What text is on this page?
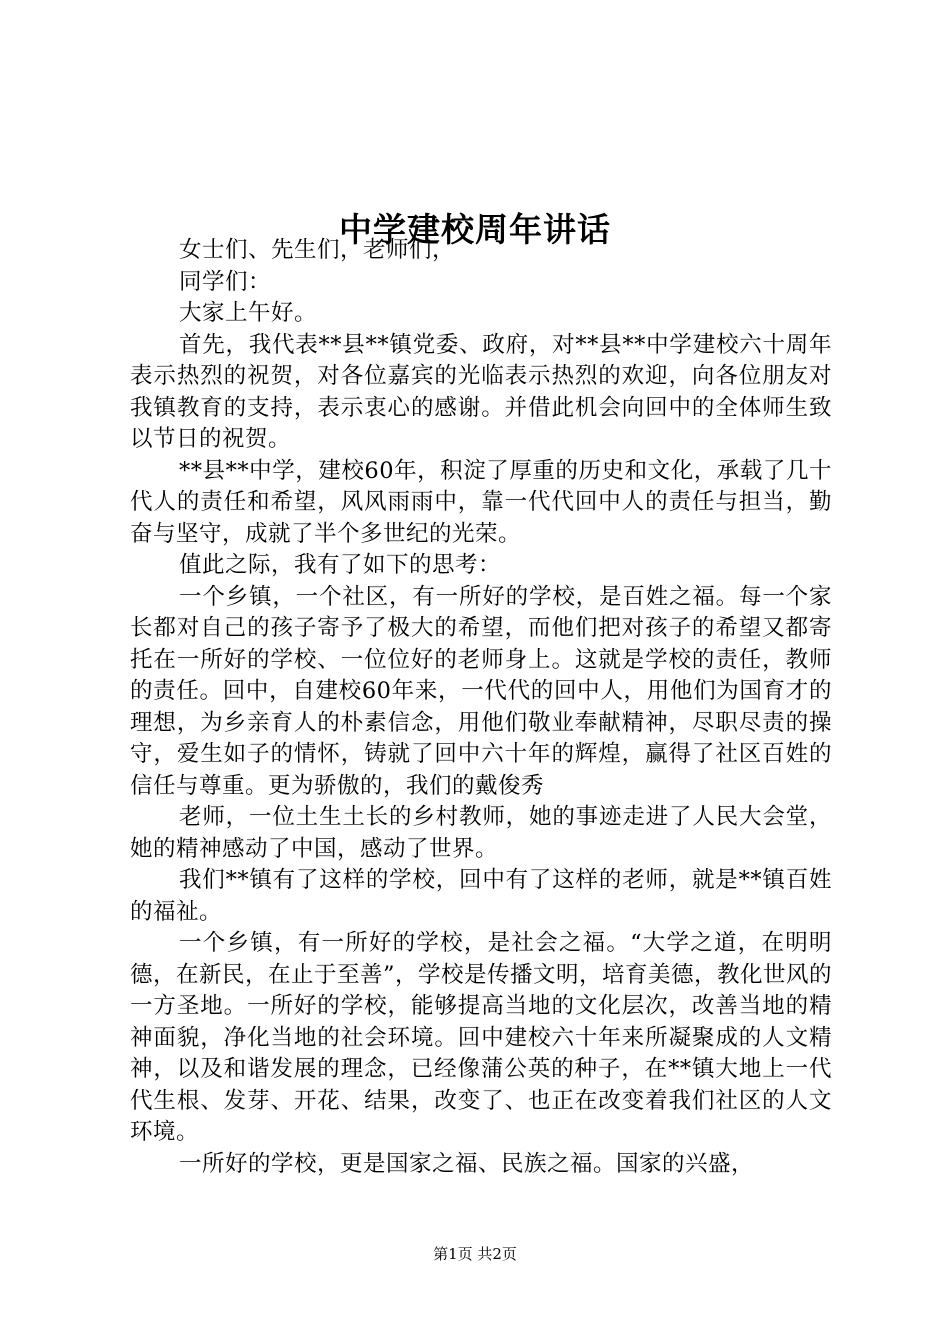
中学建校周年讲话

女士们、先生们，老师们，

同学们：

大家上午好。

首先，我代表**县**镇党委、政府，对**县**中学建校六十周年表示热烈的祝贺，对各位嘉宾的光临表示热烈的欢迎，向各位朋友对我镇教育的支持，表示衷心的感谢。并借此机会向回中的全体师生致以节日的祝贺。

**县**中学，建校60年，积淀了厚重的历史和文化，承载了几十代人的责任和希望，风风雨雨中，靠一代代回中人的责任与担当，勤奋与坚守，成就了半个多世纪的光荣。

值此之际，我有了如下的思考：

一个乡镇，一个社区，有一所好的学校，是百姓之福。每一个家长都对自己的孩子寄予了极大的希望，而他们把对孩子的希望又都寄托在一所好的学校、一位位好的老师身上。这就是学校的责任，教师的责任。回中，自建校60年来，一代代的回中人，用他们为国育才的理想，为乡亲育人的朴素信念，用他们敬业奉献精神，尽职尽责的操守，爱生如子的情怀，铸就了回中六十年的辉煌，赢得了社区百姓的信任与尊重。更为骄傲的，我们的戴俊秀

老师，一位土生土长的乡村教师，她的事迹走进了人民大会堂，她的精神感动了中国，感动了世界。

我们**镇有了这样的学校，回中有了这样的老师，就是**镇百姓的福祉。

一个乡镇，有一所好的学校，是社会之福。“大学之道，在明明德，在新民，在止于至善”，学校是传播文明，培育美德，教化世风的一方圣地。一所好的学校，能够提高当地的文化层次，改善当地的精神面貌，净化当地的社会环境。回中建校六十年来所凝聚成的人文精神，以及和谐发展的理念，已经像蒲公英的种子，在**镇大地上一代代生根、发芽、开花、结果，改变了、也正在改变着我们社区的人文环境。

一所好的学校，更是国家之福、民族之福。国家的兴盛，

第1页 共2页
